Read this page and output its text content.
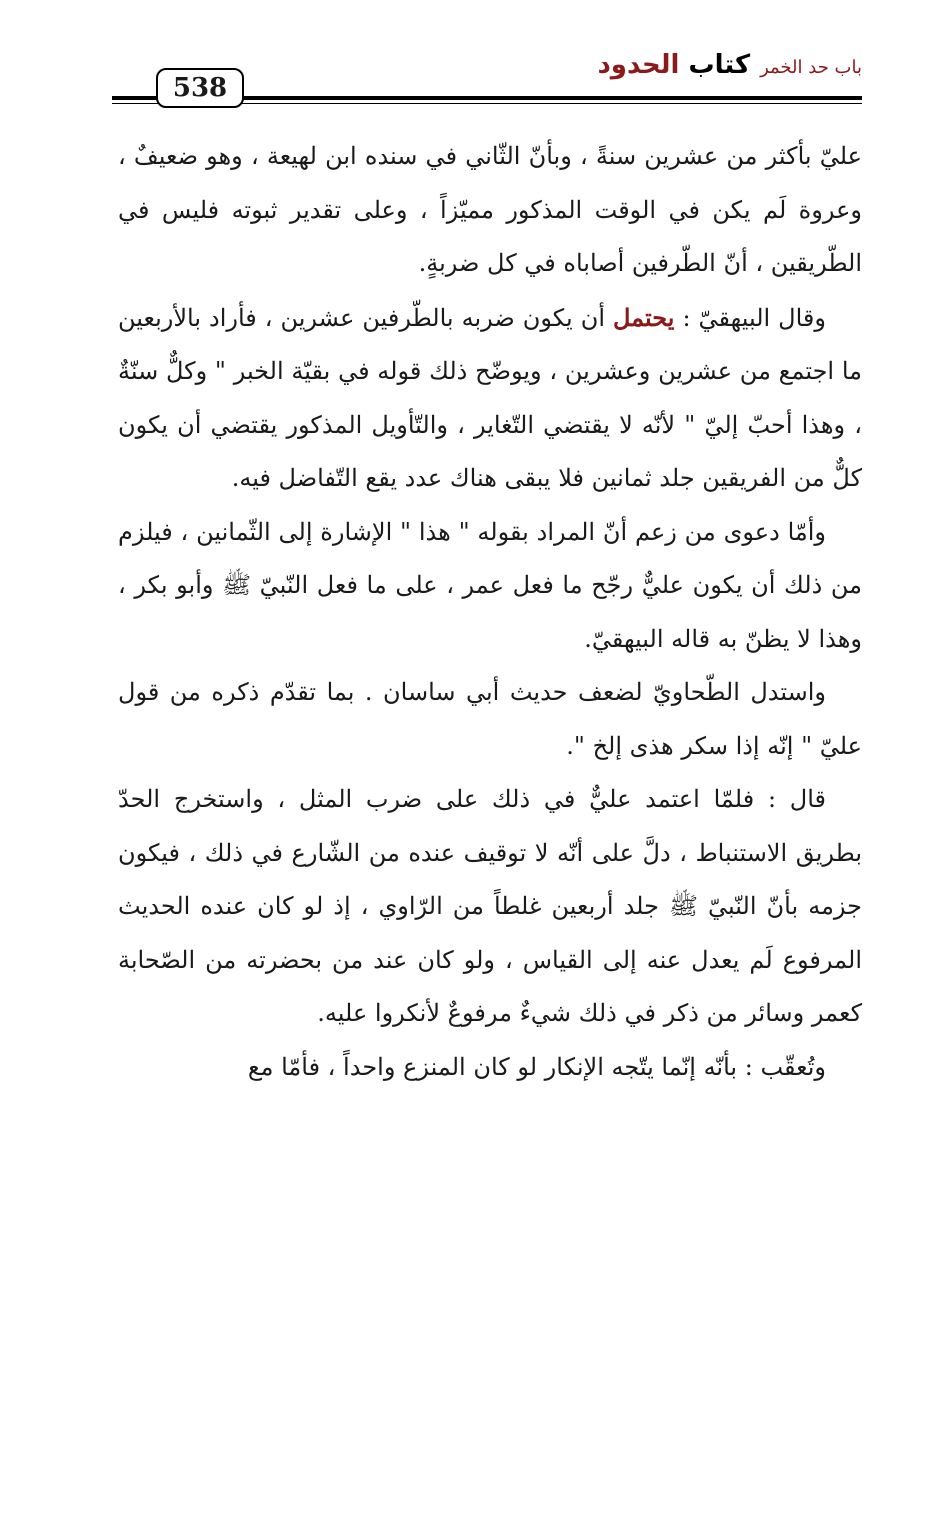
كتاب الحدود	باب حد الخمر
538

عليّ بأكثر من عشرين سنةً ، وبأنّ الثّاني في سنده ابن لهيعة ، وهو ضعيفٌ ، وعروة لَم يكن في الوقت المذكور مميّزاً ، وعلى تقدير ثبوته فليس في الطّريقين ، أنّ الطّرفين أصاباه في كل ضربةٍ.

وقال البيهقيّ : يحتمل أن يكون ضربه بالطّرفين عشرين ، فأراد بالأربعين ما اجتمع من عشرين وعشرين ، ويوضّح ذلك قوله في بقيّة الخبر " وكلٌّ سنّةٌ ، وهذا أحبّ إليّ " لأنّه لا يقتضي التّغاير ، والتّأويل المذكور يقتضي أن يكون كلٌّ من الفريقين جلد ثمانين فلا يبقى هناك عدد يقع التّفاضل فيه.

وأمّا دعوى من زعم أنّ المراد بقوله " هذا " الإشارة إلى الثّمانين ، فيلزم من ذلك أن يكون عليٌّ رجّح ما فعل عمر ، على ما فعل النّبيّ ﷺ وأبو بكر ، وهذا لا يظنّ به قاله البيهقيّ.

واستدل الطّحاويّ لضعف حديث أبي ساسان . بما تقدّم ذكره من قول عليّ " إنّه إذا سكر هذى إلخ ".

قال : فلمّا اعتمد عليٌّ في ذلك على ضرب المثل ، واستخرج الحدّ بطريق الاستنباط ، دلَّ على أنّه لا توقيف عنده من الشّارع في ذلك ، فيكون جزمه بأنّ النّبيّ ﷺ جلد أربعين غلطاً من الرّاوي ، إذ لو كان عنده الحديث المرفوع لَم يعدل عنه إلى القياس ، ولو كان عند من بحضرته من الصّحابة كعمر وسائر من ذكر في ذلك شيءٌ مرفوعٌ لأنكروا عليه.

وتُعقّب : بأنّه إنّما يتّجه الإنكار لو كان المنزع واحداً ، فأمّا مع
